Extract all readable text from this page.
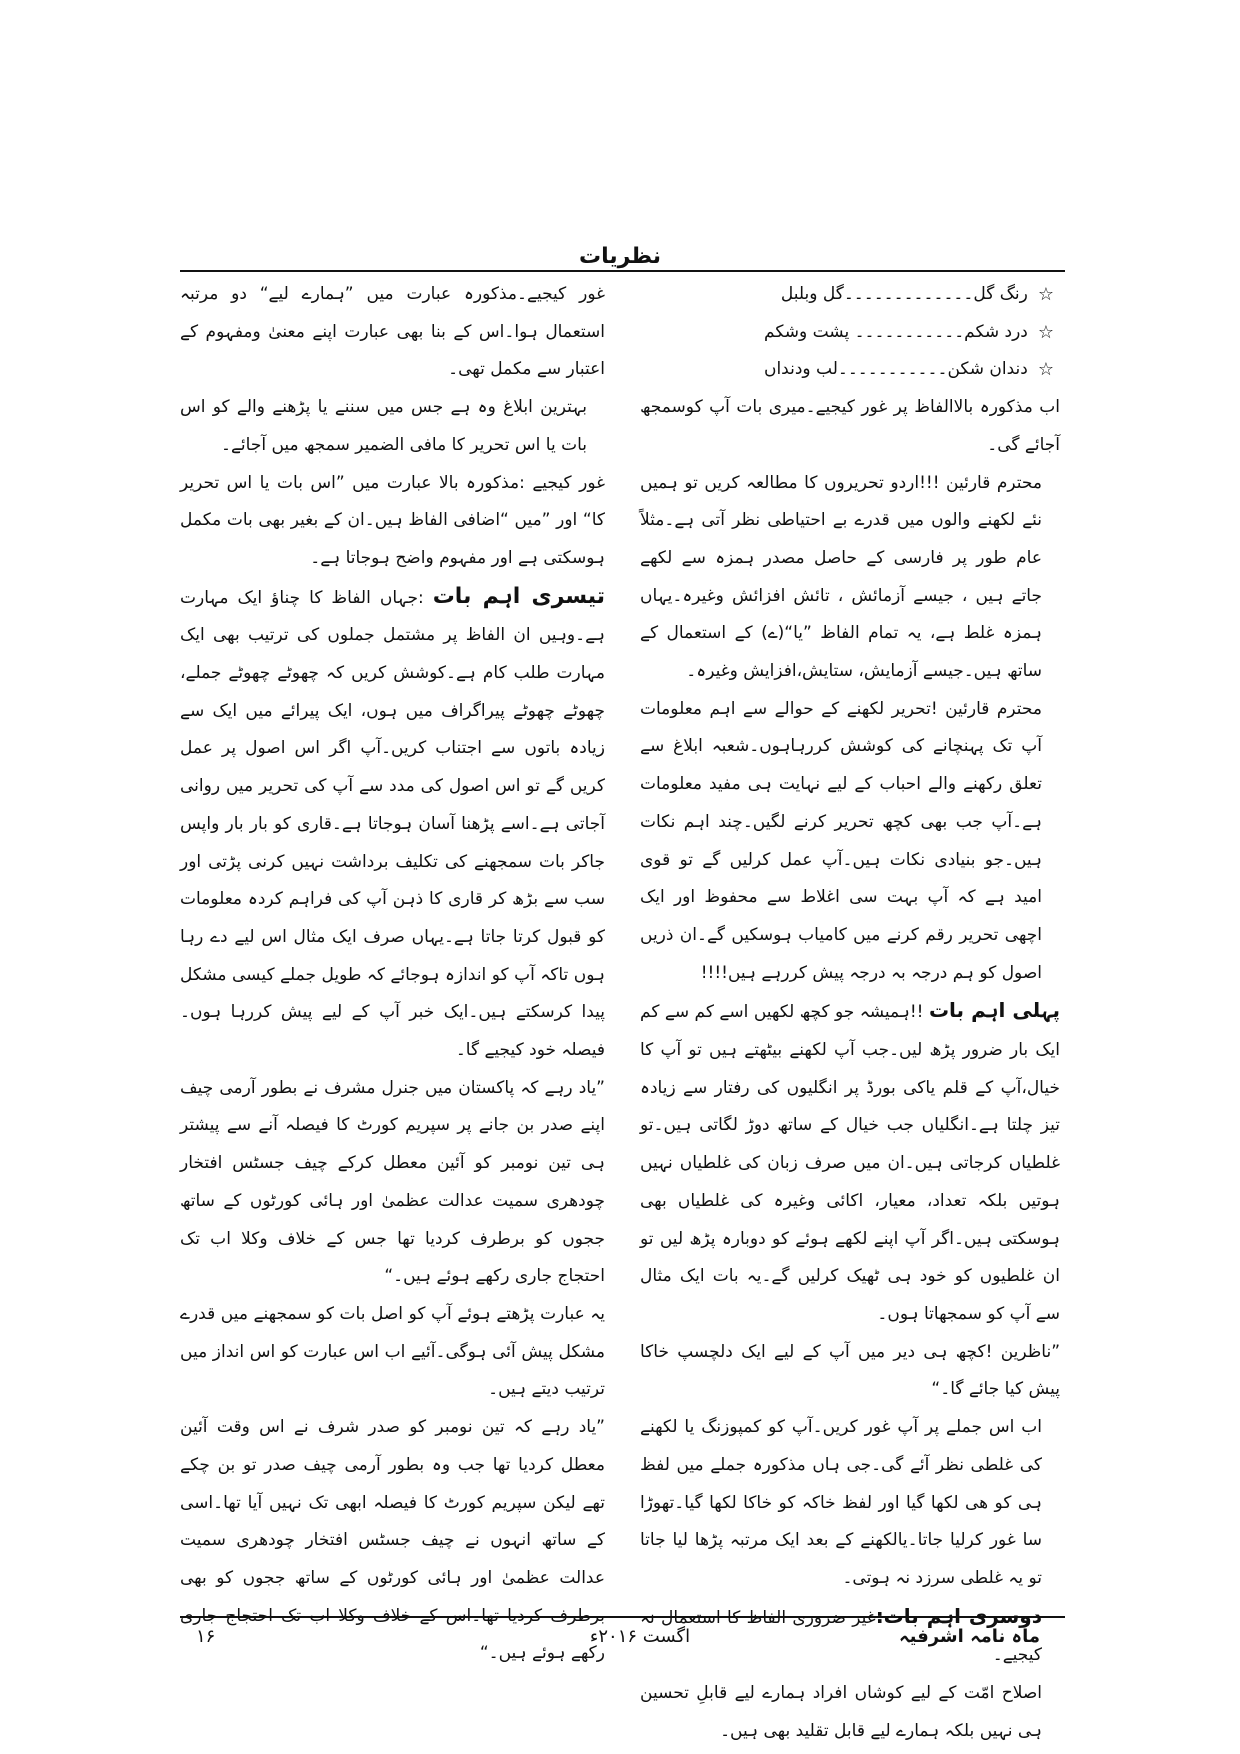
نظریات
☆
رنگ گل۔۔۔۔۔۔۔۔۔۔۔۔۔گل وبلبل
☆
درد شکم۔۔۔۔۔۔۔۔۔۔۔ پشت وشکم
☆
دندان شکن۔۔۔۔۔۔۔۔۔۔۔لب ودنداں

اب مذکورہ بالاالفاظ پر غور کیجیے۔میری بات آپ کوسمجھ آجائے گی۔

محترم قارئین !!!اردو تحریروں کا مطالعہ کریں تو ہمیں نئے لکھنے والوں میں قدرے بے احتیاطی نظر آتی ہے۔مثلاً عام طور پر فارسی کے حاصل مصدر ہمزہ سے لکھے جاتے ہیں ، جیسے آزمائش ، تائش افزائش وغیرہ۔یہاں ہمزہ غلط ہے، یہ تمام الفاظ ”یا“(ے) کے استعمال کے ساتھ ہیں۔جیسے آزمایش، ستایش،افزایش وغیرہ۔

محترم قارئین !تحریر لکھنے کے حوالے سے اہم معلومات آپ تک پہنچانے کی کوشش کررہاہوں۔شعبہ ابلاغ سے تعلق رکھنے والے احباب کے لیے نہایت ہی مفید معلومات ہے۔آپ جب بھی کچھ تحریر کرنے لگیں۔چند اہم نکات ہیں۔جو بنیادی نکات ہیں۔آپ عمل کرلیں گے تو قوی امید ہے کہ آپ بہت سی اغلاط سے محفوظ اور ایک اچھی تحریر رقم کرنے میں کامیاب ہوسکیں گے۔ان ذریں اصول کو ہم درجہ بہ درجہ پیش کررہے ہیں!!!!

پہلی اہم بات !!ہمیشہ جو کچھ لکھیں اسے کم سے کم ایک بار ضرور پڑھ لیں۔جب آپ لکھنے بیٹھتے ہیں تو آپ کا خیال،آپ کے قلم یاکی بورڈ پر انگلیوں کی رفتار سے زیادہ تیز چلتا ہے۔انگلیاں جب خیال کے ساتھ دوڑ لگاتی ہیں۔تو غلطیاں کرجاتی ہیں۔ان میں صرف زبان کی غلطیاں نہیں ہوتیں بلکہ تعداد، معیار، اکائی وغیرہ کی غلطیاں بھی ہوسکتی ہیں۔اگر آپ اپنے لکھے ہوئے کو دوبارہ پڑھ لیں تو ان غلطیوں کو خود ہی ٹھیک کرلیں گے۔یہ بات ایک مثال سے آپ کو سمجھاتا ہوں۔

”ناظرین !کچھ ہی دیر میں آپ کے لیے ایک دلچسپ خاکا پیش کیا جائے گا۔“

اب اس جملے پر آپ غور کریں۔آپ کو کمپوزنگ یا لکھنے کی غلطی نظر آئے گی۔جی ہاں مذکورہ جملے میں لفظ ہی کو ھی لکھا گیا اور لفظ خاکہ کو خاکا لکھا گیا۔تھوڑا سا غور کرلیا جاتا۔یالکھنے کے بعد ایک مرتبہ پڑھا لیا جاتا تو یہ غلطی سرزد نہ ہوتی۔

دوسری اہم بات:غیر ضروری الفاظ کا استعمال نہ کیجیے۔

اصلاح امّت کے لیے کوشاں افراد ہمارے لیے قابلِ تحسین ہی نہیں بلکہ ہمارے لیے قابل تقلید بھی ہیں۔

غور کیجیے۔مذکورہ عبارت میں ”ہمارے لیے“ دو مرتبہ استعمال ہوا۔اس کے بنا بھی عبارت اپنے معنیٰ ومفہوم کے اعتبار سے مکمل تھی۔

بہترین ابلاغ وہ ہے جس میں سننے یا پڑھنے والے کو اس بات یا اس تحریر کا مافی الضمیر سمجھ میں آجائے۔

غور کیجیے :مذکورہ بالا عبارت میں ”اس بات یا اس تحریر کا“ اور ”میں “اضافی الفاظ ہیں۔ان کے بغیر بھی بات مکمل ہوسکتی ہے اور مفہوم واضح ہوجاتا ہے۔

تیسری اہم بات :جہاں الفاظ کا چناؤ ایک مہارت ہے۔وہیں ان الفاظ پر مشتمل جملوں کی ترتیب بھی ایک مہارت طلب کام ہے۔کوشش کریں کہ چھوٹے چھوٹے جملے، چھوٹے چھوٹے پیراگراف میں ہوں، ایک پیرائے میں ایک سے زیادہ باتوں سے اجتناب کریں۔آپ اگر اس اصول پر عمل کریں گے تو اس اصول کی مدد سے آپ کی تحریر میں روانی آجاتی ہے۔اسے پڑھنا آسان ہوجاتا ہے۔قاری کو بار بار واپس جاکر بات سمجھنے کی تکلیف برداشت نہیں کرنی پڑتی اور سب سے بڑھ کر قاری کا ذہن آپ کی فراہم کردہ معلومات کو قبول کرتا جاتا ہے۔یہاں صرف ایک مثال اس لیے دے رہا ہوں تاکہ آپ کو اندازہ ہوجائے کہ طویل جملے کیسی مشکل پیدا کرسکتے ہیں۔ایک خبر آپ کے لیے پیش کررہا ہوں۔فیصلہ خود کیجیے گا۔

”یاد رہے کہ پاکستان میں جنرل مشرف نے بطور آرمی چیف اپنے صدر بن جانے پر سپریم کورٹ کا فیصلہ آنے سے پیشتر ہی تین نومبر کو آئین معطل کرکے چیف جسٹس افتخار چودھری سمیت عدالت عظمیٰ اور ہائی کورٹوں کے ساتھ ججوں کو برطرف کردیا تھا جس کے خلاف وکلا اب تک احتجاج جاری رکھے ہوئے ہیں۔“

یہ عبارت پڑھتے ہوئے آپ کو اصل بات کو سمجھنے میں قدرے مشکل پیش آئی ہوگی۔آئیے اب اس عبارت کو اس انداز میں ترتیب دیتے ہیں۔

”یاد رہے کہ تین نومبر کو صدر شرف نے اس وقت آئین معطل کردیا تھا جب وہ بطور آرمی چیف صدر تو بن چکے تھے لیکن سپریم کورٹ کا فیصلہ ابھی تک نہیں آیا تھا۔اسی کے ساتھ انہوں نے چیف جسٹس افتخار چودھری سمیت عدالت عظمیٰ اور ہائی کورٹوں کے ساتھ ججوں کو بھی برطرف کردیا تھا۔اس کے خلاف وکلا اب تک احتجاج جاری رکھے ہوئے ہیں۔“

ماہ نامہ اشرفیہ
اگست ۲۰۱۶ء
۱۶
